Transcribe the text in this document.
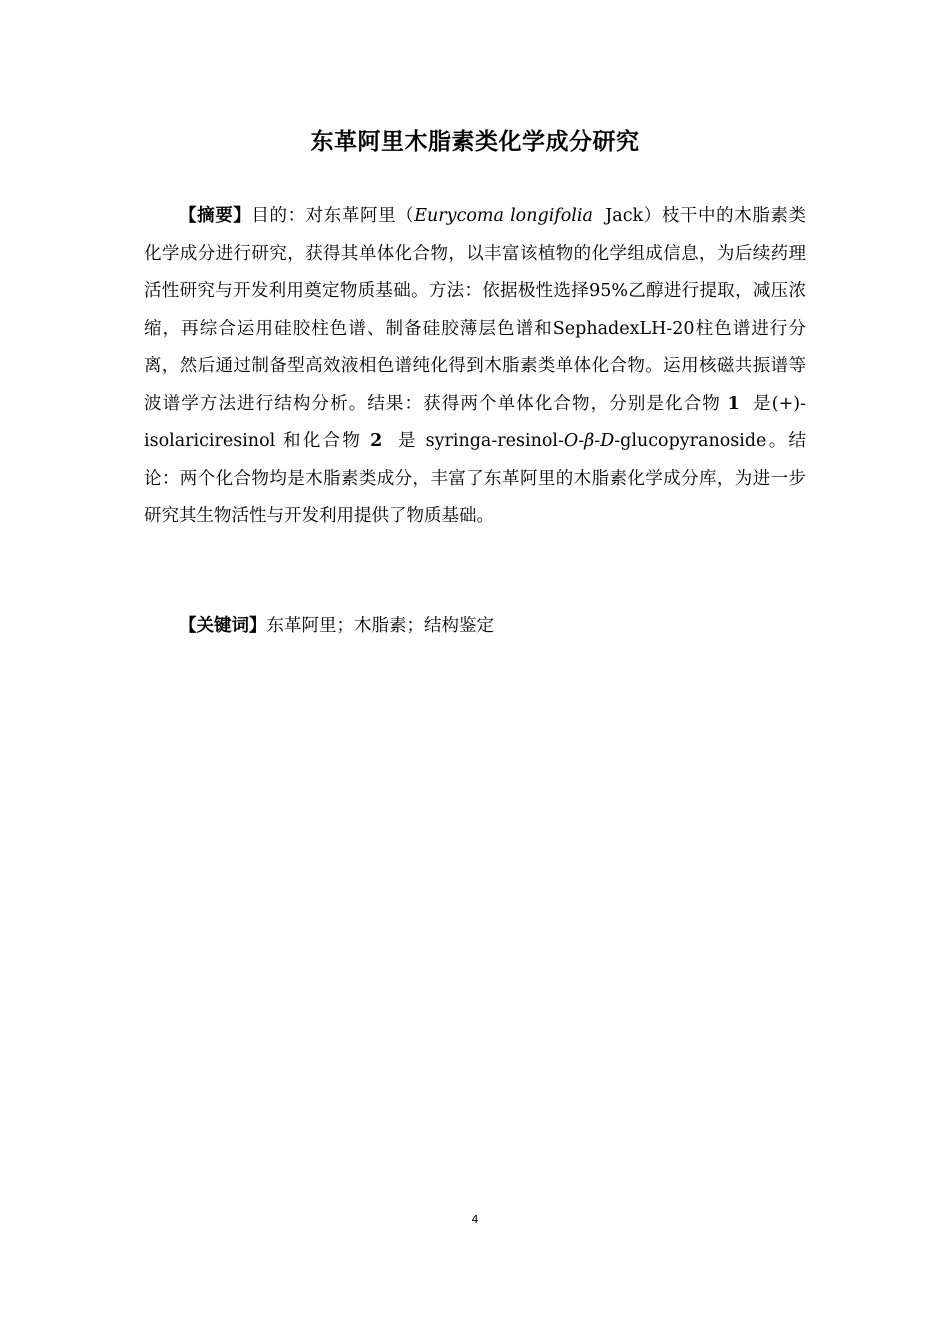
东革阿里木脂素类化学成分研究

【摘要】目的：对东革阿里（Eurycoma longifolia Jack）枝干中的木脂素类化学成分进行研究，获得其单体化合物，以丰富该植物的化学组成信息，为后续药理活性研究与开发利用奠定物质基础。方法：依据极性选择95%乙醇进行提取，减压浓缩，再综合运用硅胶柱色谱、制备硅胶薄层色谱和SephadexLH-20柱色谱进行分离，然后通过制备型高效液相色谱纯化得到木脂素类单体化合物。运用核磁共振谱等波谱学方法进行结构分析。结果：获得两个单体化合物，分别是化合物 1 是(+)-isolariciresinol 和化合物 2 是 syringa-resinol-O-β-D-glucopyranoside。结论：两个化合物均是木脂素类成分，丰富了东革阿里的木脂素化学成分库，为进一步研究其生物活性与开发利用提供了物质基础。

【关键词】东革阿里；木脂素；结构鉴定

4
